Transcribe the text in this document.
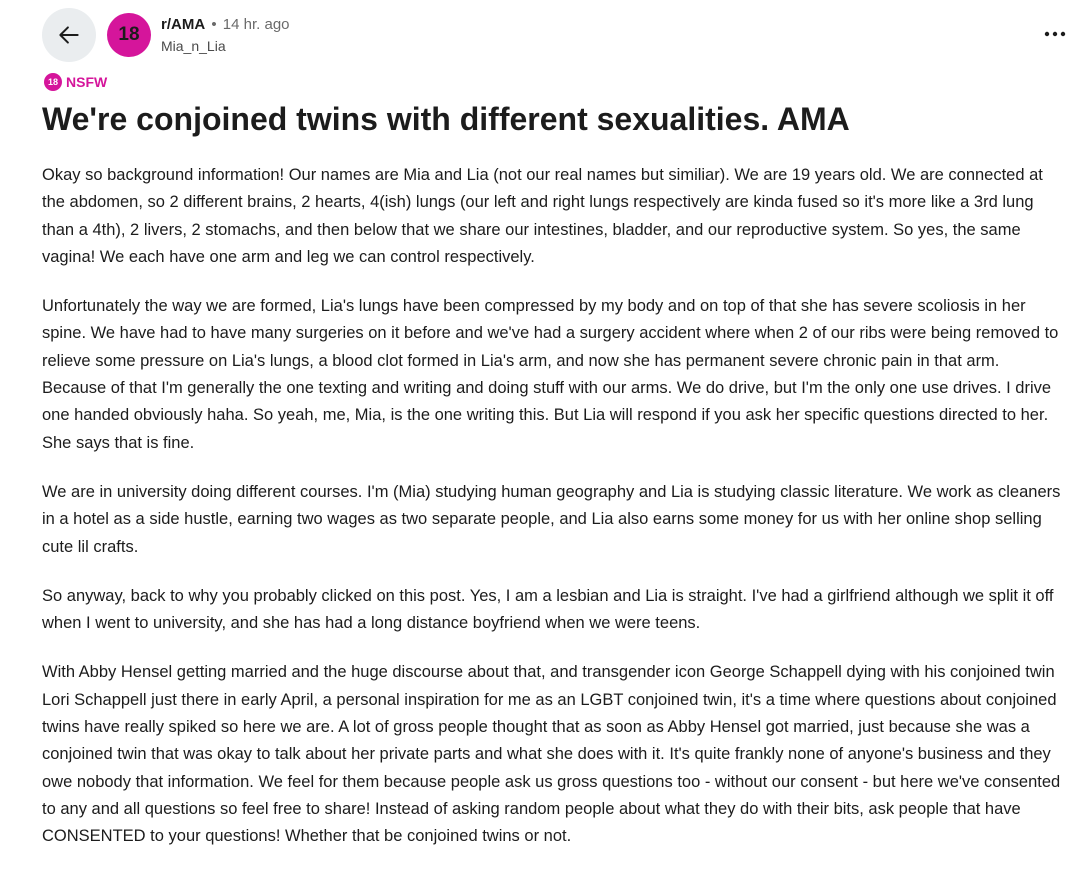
18	r/AMA • 14 hr. ago
Mia_n_Lia
18 NSFW
We're conjoined twins with different sexualities. AMA

Okay so background information! Our names are Mia and Lia (not our real names but similiar). We are 19 years old. We are connected at the abdomen, so 2 different brains, 2 hearts, 4(ish) lungs (our left and right lungs respectively are kinda fused so it's more like a 3rd lung than a 4th), 2 livers, 2 stomachs, and then below that we share our intestines, bladder, and our reproductive system. So yes, the same vagina! We each have one arm and leg we can control respectively.

Unfortunately the way we are formed, Lia's lungs have been compressed by my body and on top of that she has severe scoliosis in her spine. We have had to have many surgeries on it before and we've had a surgery accident where when 2 of our ribs were being removed to relieve some pressure on Lia's lungs, a blood clot formed in Lia's arm, and now she has permanent severe chronic pain in that arm. Because of that I'm generally the one texting and writing and doing stuff with our arms. We do drive, but I'm the only one use drives. I drive one handed obviously haha. So yeah, me, Mia, is the one writing this. But Lia will respond if you ask her specific questions directed to her. She says that is fine.

We are in university doing different courses. I'm (Mia) studying human geography and Lia is studying classic literature. We work as cleaners in a hotel as a side hustle, earning two wages as two separate people, and Lia also earns some money for us with her online shop selling cute lil crafts.

So anyway, back to why you probably clicked on this post. Yes, I am a lesbian and Lia is straight. I've had a girlfriend although we split it off when I went to university, and she has had a long distance boyfriend when we were teens.

With Abby Hensel getting married and the huge discourse about that, and transgender icon George Schappell dying with his conjoined twin Lori Schappell just there in early April, a personal inspiration for me as an LGBT conjoined twin, it's a time where questions about conjoined twins have really spiked so here we are. A lot of gross people thought that as soon as Abby Hensel got married, just because she was a conjoined twin that was okay to talk about her private parts and what she does with it. It's quite frankly none of anyone's business and they owe nobody that information. We feel for them because people ask us gross questions too - without our consent - but here we've consented to any and all questions so feel free to share! Instead of asking random people about what they do with their bits, ask people that have CONSENTED to your questions! Whether that be conjoined twins or not.
